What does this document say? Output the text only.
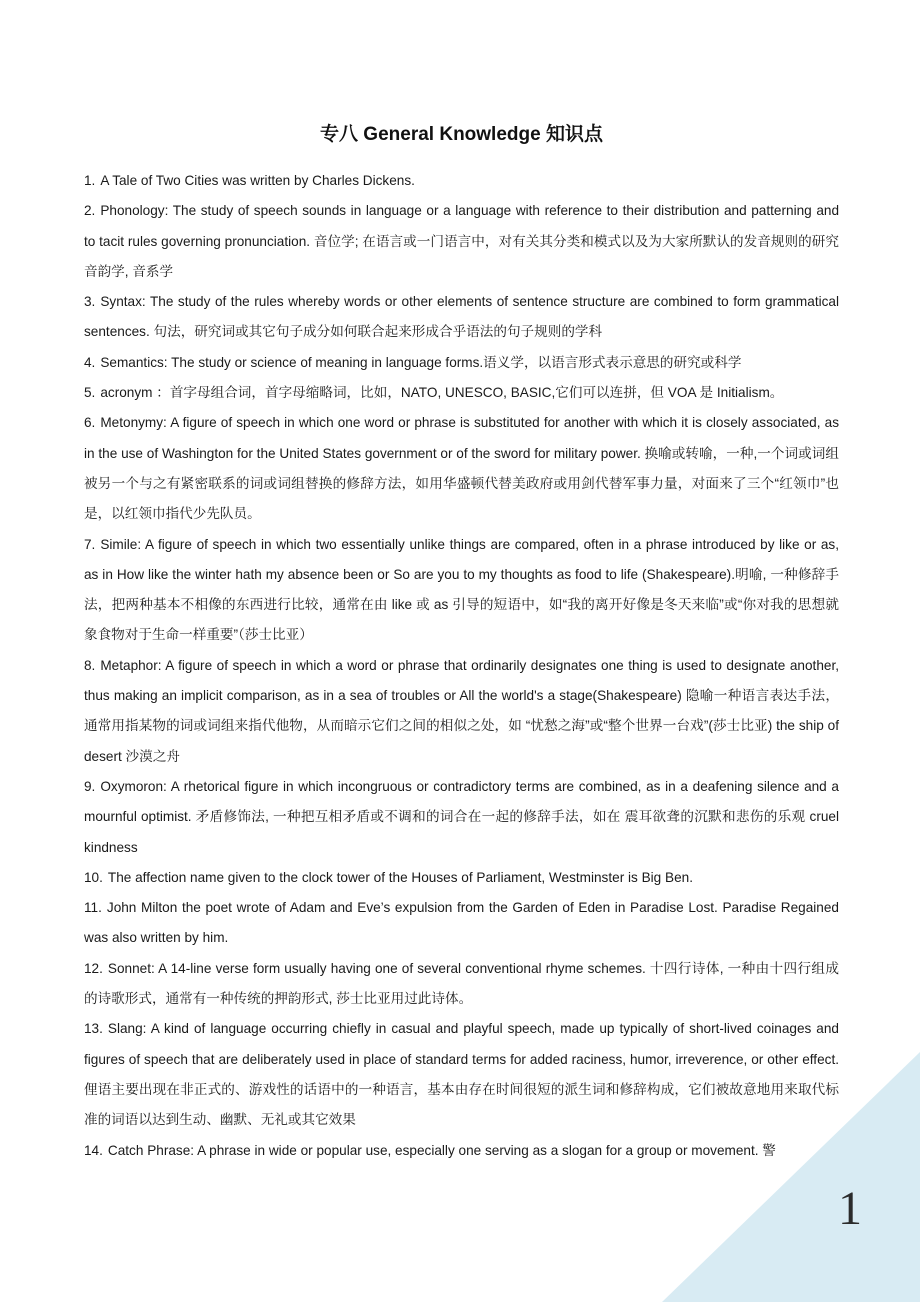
专八 General Knowledge 知识点

1. A Tale of Two Cities was written by Charles Dickens.

2. Phonology: The study of speech sounds in language or a language with reference to their distribution and patterning and to tacit rules governing pronunciation. 音位学; 在语言或一门语言中，对有关其分类和模式以及为大家所默认的发音规则的研究音韵学, 音系学

3. Syntax: The study of the rules whereby words or other elements of sentence structure are combined to form grammatical sentences. 句法，研究词或其它句子成分如何联合起来形成合乎语法的句子规则的学科

4. Semantics: The study or science of meaning in language forms.语义学，以语言形式表示意思的研究或科学

5. acronym ：首字母组合词，首字母缩略词，比如，NATO, UNESCO, BASIC,它们可以连拼，但 VOA 是 Initialism。

6. Metonymy: A figure of speech in which one word or phrase is substituted for another with which it is closely associated, as in the use of Washington for the United States government or of the sword for military power. 换喻或转喻，一种,一个词或词组被另一个与之有紧密联系的词或词组替换的修辞方法，如用华盛顿代替美政府或用剑代替军事力量，对面来了三个“红领巾”也是，以红领巾指代少先队员。

7. Simile: A figure of speech in which two essentially unlike things are compared, often in a phrase introduced by like or as, as in How like the winter hath my absence been or So are you to my thoughts as food to life (Shakespeare).明喻, 一种修辞手法，把两种基本不相像的东西进行比较，通常在由 like 或 as 引导的短语中，如“我的离开好像是冬天来临”或“你对我的思想就象食物对于生命一样重要”（莎士比亚）

8. Metaphor: A figure of speech in which a word or phrase that ordinarily designates one thing is used to designate another, thus making an implicit comparison, as in a sea of troubles or All the world's a stage(Shakespeare) 隐喻一种语言表达手法，通常用指某物的词或词组来指代他物，从而暗示它们之间的相似之处，如 “忧愁之海”或“整个世界一台戏”(莎士比亚) the ship of desert 沙漠之舟

9. Oxymoron: A rhetorical figure in which incongruous or contradictory terms are combined, as in a deafening silence and a mournful optimist. 矛盾修饰法, 一种把互相矛盾或不调和的词合在一起的修辞手法，如在 震耳欲聋的沉默和悲伤的乐观 cruel kindness

10. The affection name given to the clock tower of the Houses of Parliament, Westminster is Big Ben.

11. John Milton the poet wrote of Adam and Eve’s expulsion from the Garden of Eden in Paradise Lost. Paradise Regained was also written by him.

12. Sonnet: A 14-line verse form usually having one of several conventional rhyme schemes. 十四行诗体, 一种由十四行组成的诗歌形式，通常有一种传统的押韵形式, 莎士比亚用过此诗体。

13. Slang: A kind of language occurring chiefly in casual and playful speech, made up typically of short-lived coinages and figures of speech that are deliberately used in place of standard terms for added raciness, humor, irreverence, or other effect. 俚语主要出现在非正式的、游戏性的话语中的一种语言，基本由存在时间很短的派生词和修辞构成，它们被故意地用来取代标准的词语以达到生动、幽默、无礼或其它效果

14. Catch Phrase: A phrase in wide or popular use, especially one serving as a slogan for a group or movement. 警

1
